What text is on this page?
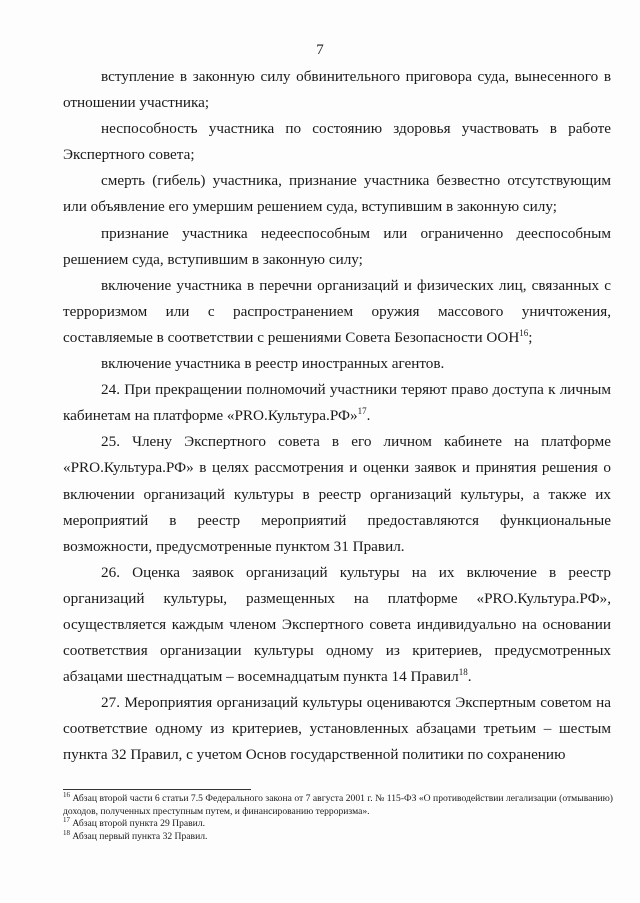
7

вступление в законную силу обвинительного приговора суда, вынесенного в отношении участника;

неспособность участника по состоянию здоровья участвовать в работе Экспертного совета;

смерть (гибель) участника, признание участника безвестно отсутствующим или объявление его умершим решением суда, вступившим в законную силу;

признание участника недееспособным или ограниченно дееспособным решением суда, вступившим в законную силу;

включение участника в перечни организаций и физических лиц, связанных с терроризмом или с распространением оружия массового уничтожения, составляемые в соответствии с решениями Совета Безопасности ООН$^{16}$;

включение участника в реестр иностранных агентов.

24. При прекращении полномочий участники теряют право доступа к личным кабинетам на платформе «PRO.Культура.РФ»$^{17}$.

25. Члену Экспертного совета в его личном кабинете на платформе «PRO.Культура.РФ» в целях рассмотрения и оценки заявок и принятия решения о включении организаций культуры в реестр организаций культуры, а также их мероприятий в реестр мероприятий предоставляются функциональные возможности, предусмотренные пунктом 31 Правил.

26. Оценка заявок организаций культуры на их включение в реестр организаций культуры, размещенных на платформе «PRO.Культура.РФ», осуществляется каждым членом Экспертного совета индивидуально на основании соответствия организации культуры одному из критериев, предусмотренных абзацами шестнадцатым – восемнадцатым пункта 14 Правил$^{18}$.

27. Мероприятия организаций культуры оцениваются Экспертным советом на соответствие одному из критериев, установленных абзацами третьим – шестым пункта 32 Правил, с учетом Основ государственной политики по сохранению

$^{16}$ Абзац второй части 6 статьи 7.5 Федерального закона от 7 августа 2001 г. № 115-ФЗ «О противодействии легализации (отмыванию) доходов, полученных преступным путем, и финансированию терроризма».

$^{17}$ Абзац второй пункта 29 Правил.

$^{18}$ Абзац первый пункта 32 Правил.
